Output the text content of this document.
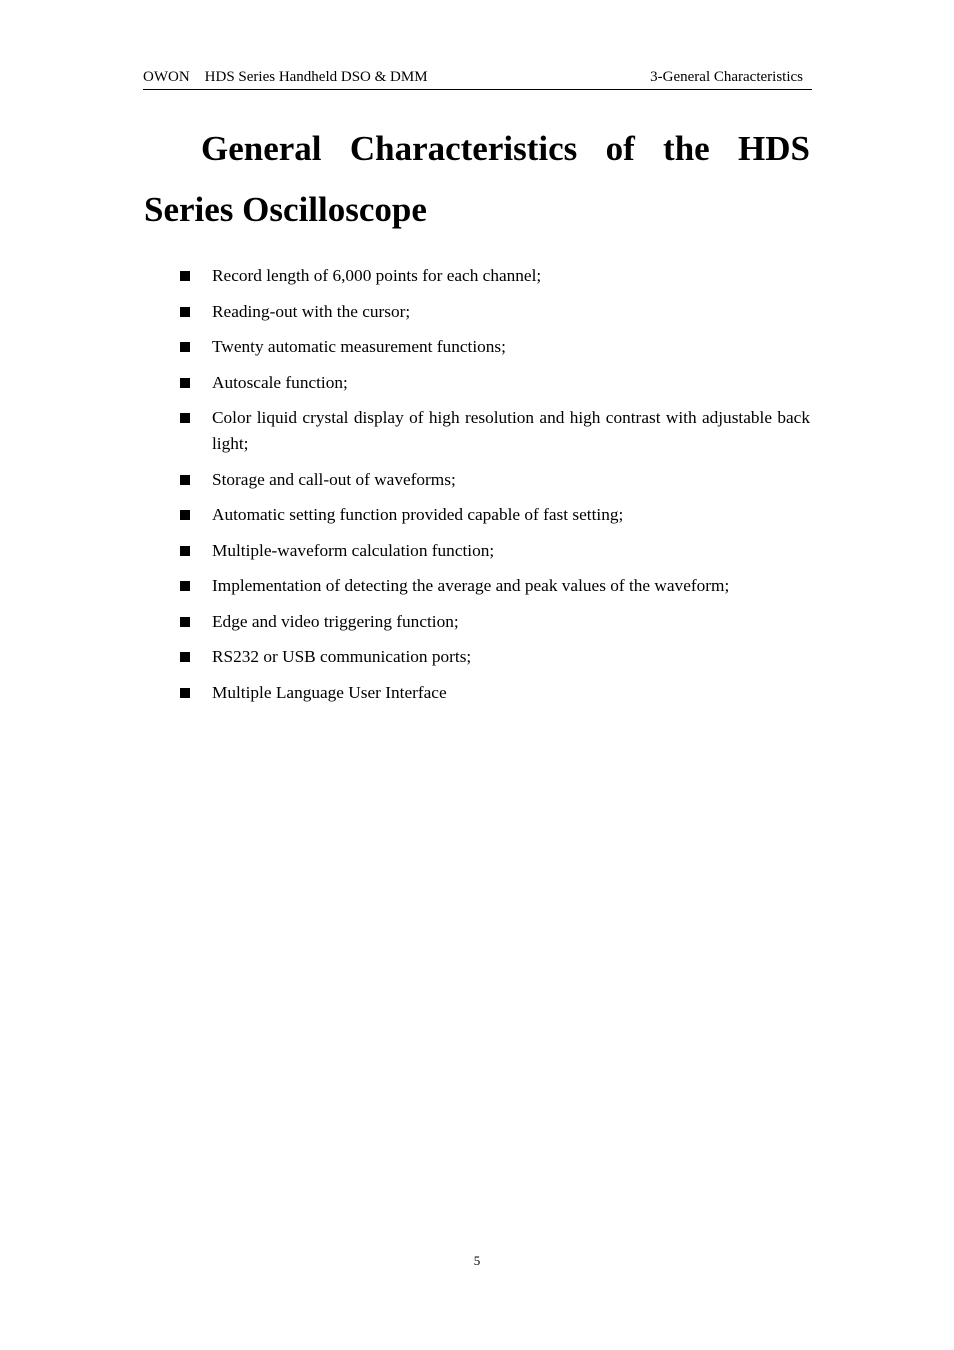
OWON    HDS Series Handheld DSO & DMM	3-General Characteristics
General Characteristics of the HDS Series Oscilloscope
Record length of 6,000 points for each channel;
Reading-out with the cursor;
Twenty automatic measurement functions;
Autoscale function;
Color liquid crystal display of high resolution and high contrast with adjustable back light;
Storage and call-out of waveforms;
Automatic setting function provided capable of fast setting;
Multiple-waveform calculation function;
Implementation of detecting the average and peak values of the waveform;
Edge and video triggering function;
RS232 or USB communication ports;
Multiple Language User Interface
5
